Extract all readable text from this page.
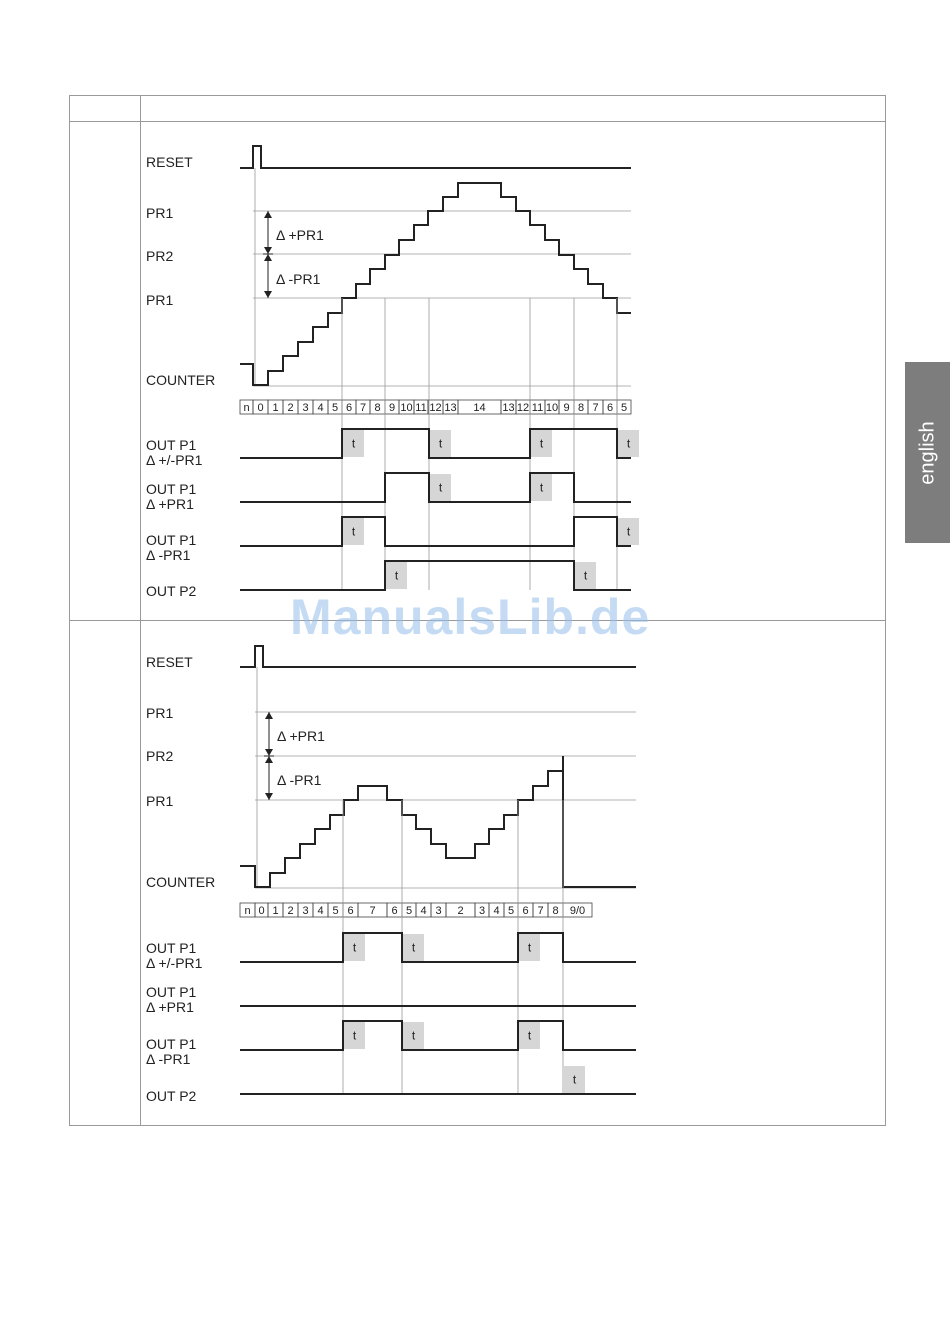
english
ManualsLib.de
RESET
PR1
PR2
PR1
COUNTER
OUT P1
Δ +/-PR1
OUT P1
Δ +PR1
OUT P1
Δ -PR1
OUT P2
Δ +PR1
Δ -PR1
n 0 1 2 3 4 5 6 7 8 9 10 11 12 13 14 13 12 11 10 9 8 7 6 5
t	t	t	t
t	t
t	t
t	t
RESET
PR1
PR2
PR1
COUNTER
OUT P1
Δ +/-PR1
OUT P1
Δ +PR1
OUT P1
Δ -PR1
OUT P2
Δ +PR1
Δ -PR1
n 0 1 2 3 4 5 6 7 6 5 4 3 2 3 4 5 6 7 8 9/0
t	t	t
t	t	t
t
